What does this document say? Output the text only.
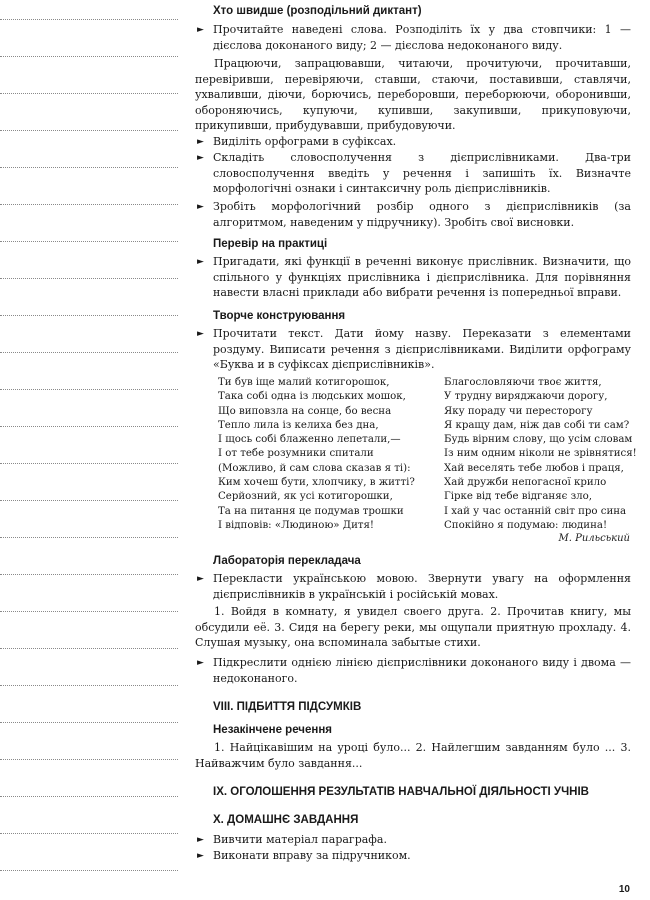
Хто швидше (розподільний диктант)
► Прочитайте наведені слова. Розподіліть їх у два стовпчики: 1 — дієслова доконаного виду; 2 — дієслова недоконаного виду.
Працюючи, запрацювавши, читаючи, прочитуючи, прочитавши, перевіривши, перевіряючи, ставши, стаючи, поставивши, ставлячи, ухваливши, діючи, борючись, переборовши, переборюючи, оборонивши, обороняючись, купуючи, купивши, закупивши, прикуповуючи, прикупивши, прибудувавши, прибудовуючи.
► Виділіть орфограми в суфіксах.
► Складіть словосполучення з дієприслівниками. Два-три словосполучення введіть у речення і запишіть їх. Визначте морфологічні ознаки і синтаксичну роль дієприслівників.
► Зробіть морфологічний розбір одного з дієприслівників (за алгоритмом, наведеним у підручнику). Зробіть свої висновки.
Перевір на практиці
► Пригадати, які функції в реченні виконує прислівник. Визначити, що спільного у функціях прислівника і дієприслівника. Для порівняння навести власні приклади або вибрати речення із попередньої вправи.
Творче конструювання
► Прочитати текст. Дати йому назву. Переказати з елементами роздуму. Виписати речення з дієприслівниками. Виділити орфограму «Буква и в суфіксах дієприслівників».
Ти був іще малий котигорошок,
Така собі одна із людських мошок,
Що виповзла на сонце, бо весна
Тепло лила із келиха без дна,
І щось собі блаженно лепетали,—
І от тебе розумники спитали
(Можливо, й сам слова сказав я ті):
Ким хочеш бути, хлопчику, в житті?
Серйозний, як усі котигорошки,
Та на питання це подумав трошки
І відповів: «Людиною» Дитя!
Благословляючи твоє життя,
У трудну виряджаючи дорогу,
Яку пораду чи пересторогу
Я кращу дам, ніж дав собі ти сам?
Будь вірним слову, що усім словам
Із ним одним ніколи не зрівнятися!
Хай веселять тебе любов і праця,
Хай дружби непогасної крило
Гірке від тебе відганяє зло,
І хай у час останній світ про сина
Спокійно я подумаю: людина!
М. Рильський
Лабораторія перекладача
► Перекласти українською мовою. Звернути увагу на оформлення дієприслівників в українській і російській мовах.
1. Войдя в комнату, я увидел своего друга. 2. Прочитав книгу, мы обсудили её. 3. Сидя на берегу реки, мы ощупали приятную прохладу. 4. Слушая музыку, она вспоминала забытые стихи.
► Підкреслити однією лінією дієприслівники доконаного виду і двома — недоконаного.
VIII. ПІДБИТТЯ ПІДСУМКІВ
Незакінчене речення
1. Найцікавішим на уроці було... 2. Найлегшим завданням було ... 3. Найважчим було завдання...
IX. ОГОЛОШЕННЯ РЕЗУЛЬТАТІВ НАВЧАЛЬНОЇ ДІЯЛЬНОСТІ УЧНІВ
X. ДОМАШНЄ ЗАВДАННЯ
► Вивчити матеріал параграфа.
► Виконати вправу за підручником.
10
